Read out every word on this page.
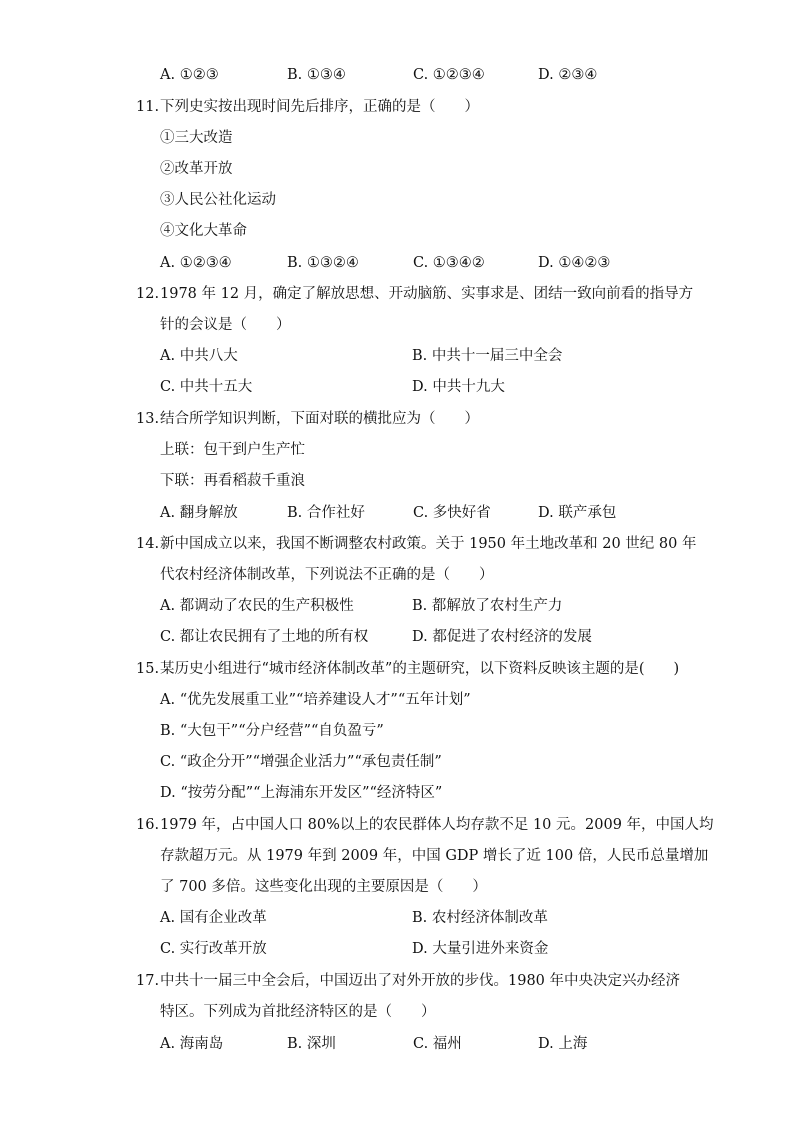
A. ①②③	B. ①③④	C. ①②③④	D. ②③④
11. 下列史实按出现时间先后排序，正确的是（　　）
①三大改造
②改革开放
③人民公社化运动
④文化大革命
A. ①②③④	B. ①③②④	C. ①③④②	D. ①④②③
12. 1978 年 12 月，确定了解放思想、开动脑筋、实事求是、团结一致向前看的指导方
针的会议是（　　）
A. 中共八大	B. 中共十一届三中全会
C. 中共十五大	D. 中共十九大
13. 结合所学知识判断，下面对联的横批应为（　　）
上联：包干到户生产忙
下联：再看稻菽千重浪
A. 翻身解放	B. 合作社好	C. 多快好省	D. 联产承包
14. 新中国成立以来，我国不断调整农村政策。关于 1950 年土地改革和 20 世纪 80 年
代农村经济体制改革，下列说法不正确的是（　　）
A. 都调动了农民的生产积极性	B. 都解放了农村生产力
C. 都让农民拥有了土地的所有权	D. 都促进了农村经济的发展
15. 某历史小组进行“城市经济体制改革”的主题研究，以下资料反映该主题的是(　　)
A. “优先发展重工业”“培养建设人才”“五年计划”
B. “大包干”“分户经营”“自负盈亏”
C. “政企分开”“增强企业活力”“承包责任制”
D. “按劳分配”“上海浦东开发区”“经济特区”
16. 1979 年，占中国人口 80%以上的农民群体人均存款不足 10 元。2009 年，中国人均
存款超万元。从 1979 年到 2009 年，中国 GDP 增长了近 100 倍，人民币总量增加
了 700 多倍。这些变化出现的主要原因是（　　）
A. 国有企业改革	B. 农村经济体制改革
C. 实行改革开放	D. 大量引进外来资金
17. 中共十一届三中全会后，中国迈出了对外开放的步伐。1980 年中央决定兴办经济
特区。下列成为首批经济特区的是（　　）
A. 海南岛	B. 深圳	C. 福州	D. 上海
